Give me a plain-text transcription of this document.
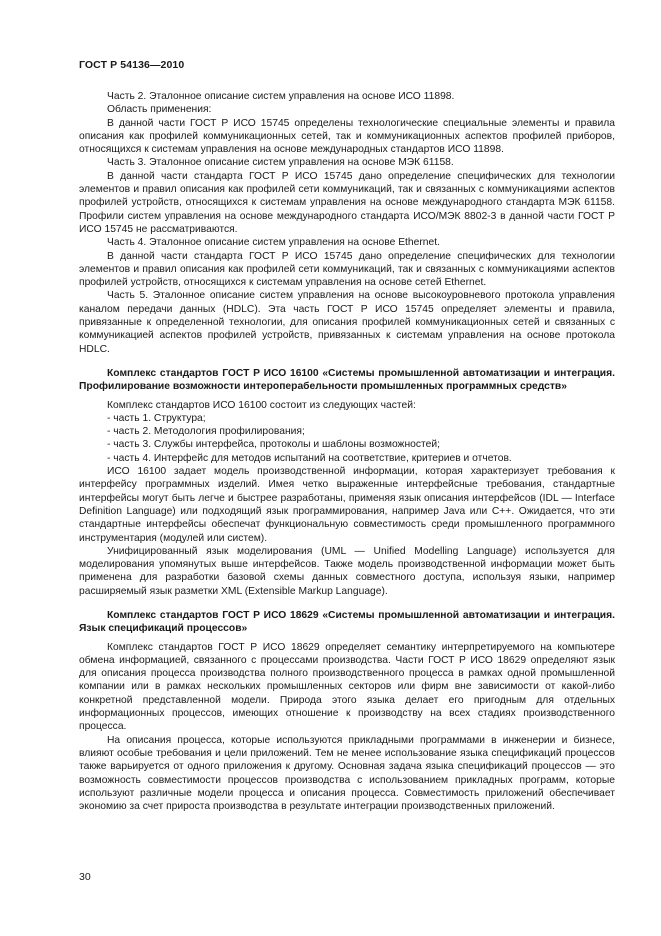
ГОСТ Р 54136—2010

Часть 2. Эталонное описание систем управления на основе ИСО 11898.

Область применения:

В данной части ГОСТ Р ИСО 15745 определены технологические специальные элементы и правила описания как профилей коммуникационных сетей, так и коммуникационных аспектов профилей приборов, относящихся к системам управления на основе международных стандартов ИСО 11898.

Часть 3. Эталонное описание систем управления на основе МЭК 61158.

В данной части стандарта ГОСТ Р ИСО 15745 дано определение специфических для технологии элементов и правил описания как профилей сети коммуникаций, так и связанных с коммуникациями аспектов профилей устройств, относящихся к системам управления на основе международного стандарта МЭК 61158. Профили систем управления на основе международного стандарта ИСО/МЭК 8802-3 в данной части ГОСТ Р ИСО 15745 не рассматриваются.

Часть 4. Эталонное описание систем управления на основе Ethernet.

В данной части стандарта ГОСТ Р ИСО 15745 дано определение специфических для технологии элементов и правил описания как профилей сети коммуникаций, так и связанных с коммуникациями аспектов профилей устройств, относящихся к системам управления на основе сетей Ethernet.

Часть 5. Эталонное описание систем управления на основе высокоуровневого протокола управления каналом передачи данных (HDLC). Эта часть ГОСТ Р ИСО 15745 определяет элементы и правила, привязанные к определенной технологии, для описания профилей коммуникационных сетей и связанных с коммуникацией аспектов профилей устройств, привязанных к системам управления на основе протокола HDLC.

Комплекс стандартов ГОСТ Р ИСО 16100 «Системы промышленной автоматизации и интеграция. Профилирование возможности интероперабельности промышленных программных средств»

Комплекс стандартов ИСО 16100 состоит из следующих частей:

- часть 1. Структура;
- часть 2. Методология профилирования;
- часть 3. Службы интерфейса, протоколы и шаблоны возможностей;
- часть 4. Интерфейс для методов испытаний на соответствие, критериев и отчетов.

ИСО 16100 задает модель производственной информации, которая характеризует требования к интерфейсу программных изделий. Имея четко выраженные интерфейсные требования, стандартные интерфейсы могут быть легче и быстрее разработаны, применяя язык описания интерфейсов (IDL — Interface Definition Language) или подходящий язык программирования, например Java или C++. Ожидается, что эти стандартные интерфейсы обеспечат функциональную совместимость среди промышленного программного инструментария (модулей или систем).

Унифицированный язык моделирования (UML — Unified Modelling Language) используется для моделирования упомянутых выше интерфейсов. Также модель производственной информации может быть применена для разработки базовой схемы данных совместного доступа, используя языки, например расширяемый язык разметки XML (Extensible Markup Language).

Комплекс стандартов ГОСТ Р ИСО 18629 «Системы промышленной автоматизации и интеграция. Язык спецификаций процессов»

Комплекс стандартов ГОСТ Р ИСО 18629 определяет семантику интерпретируемого на компьютере обмена информацией, связанного с процессами производства. Части ГОСТ Р ИСО 18629 определяют язык для описания процесса производства полного производственного процесса в рамках одной промышленной компании или в рамках нескольких промышленных секторов или фирм вне зависимости от какой-либо конкретной представленной модели. Природа этого языка делает его пригодным для отдельных информационных процессов, имеющих отношение к производству на всех стадиях производственного процесса.

На описания процесса, которые используются прикладными программами в инженерии и бизнесе, влияют особые требования и цели приложений. Тем не менее использование языка спецификаций процессов также варьируется от одного приложения к другому. Основная задача языка спецификаций процессов — это возможность совместимости процессов производства с использованием прикладных программ, которые используют различные модели процесса и описания процесса. Совместимость приложений обеспечивает экономию за счет прироста производства в результате интеграции производственных приложений.

30
